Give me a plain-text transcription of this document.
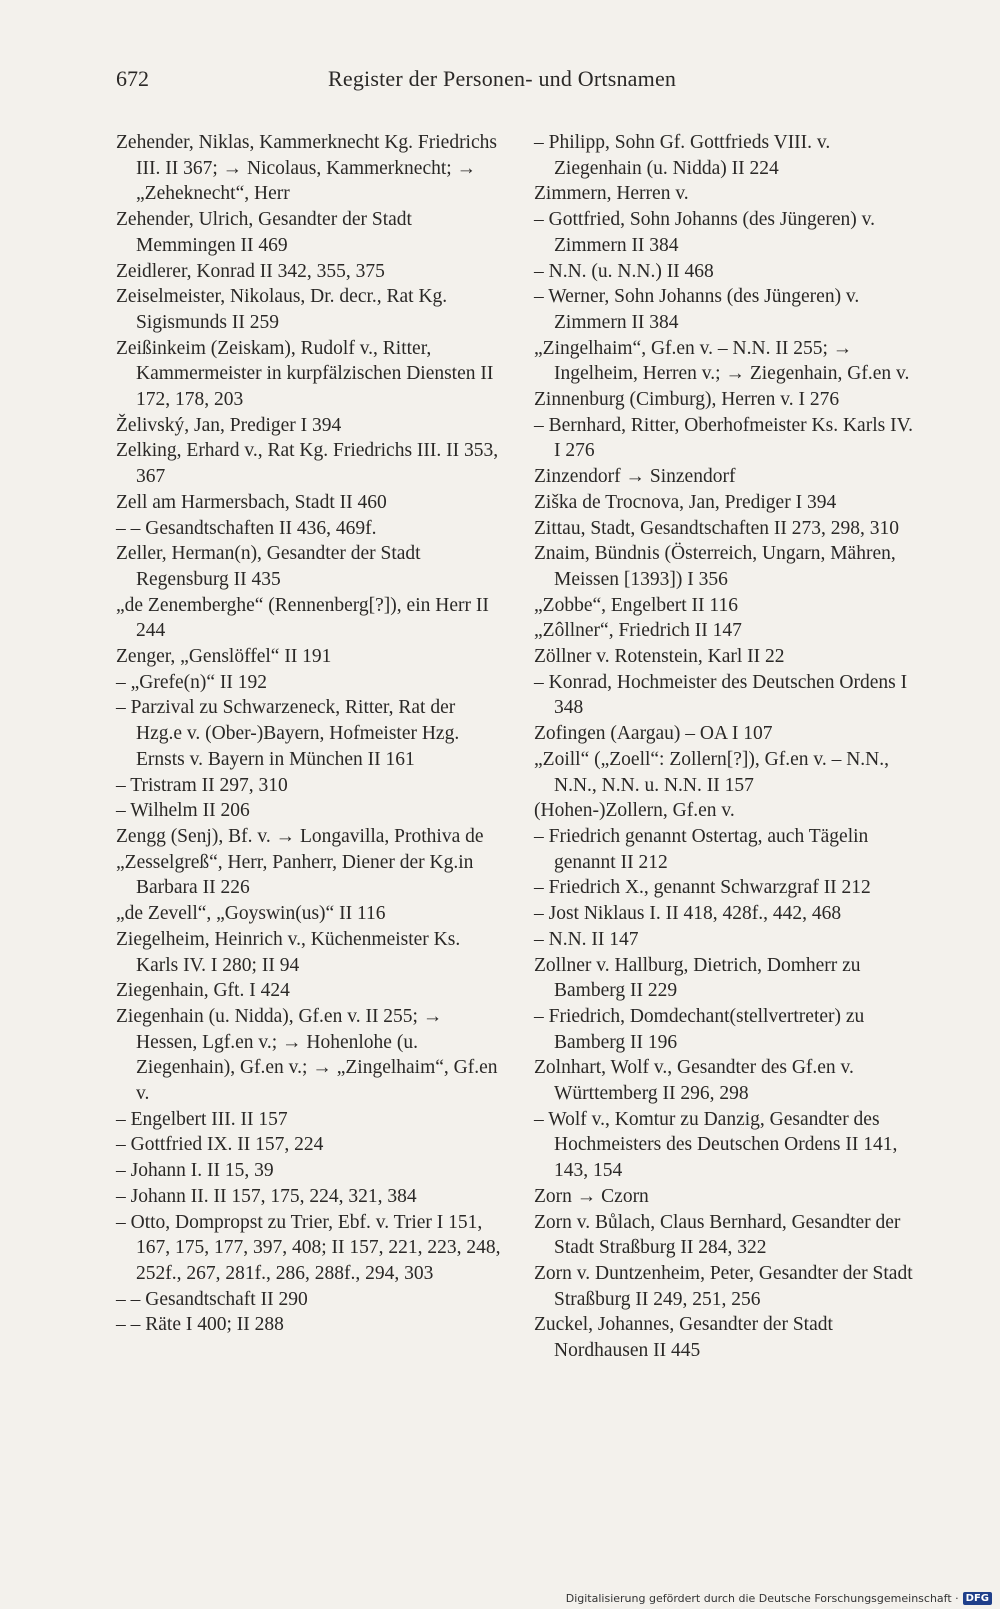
672	Register der Personen- und Ortsnamen
Zehender, Niklas, Kammerknecht Kg. Friedrichs III. II 367; → Nicolaus, Kammerknecht; → „Zeheknecht“, Herr
Zehender, Ulrich, Gesandter der Stadt Memmingen II 469
Zeidlerer, Konrad II 342, 355, 375
Zeiselmeister, Nikolaus, Dr. decr., Rat Kg. Sigismunds II 259
Zeißinkeim (Zeiskam), Rudolf v., Ritter, Kammermeister in kurpfälzischen Diensten II 172, 178, 203
Želivský, Jan, Prediger I 394
Zelking, Erhard v., Rat Kg. Friedrichs III. II 353, 367
Zell am Harmersbach, Stadt II 460
– – Gesandtschaften II 436, 469f.
Zeller, Herman(n), Gesandter der Stadt Regensburg II 435
„de Zenemberghe“ (Rennenberg[?]), ein Herr II 244
Zenger, „Genslöffel“ II 191
– „Grefe(n)“ II 192
– Parzival zu Schwarzeneck, Ritter, Rat der Hzg.e v. (Ober-)Bayern, Hofmeister Hzg. Ernsts v. Bayern in München II 161
– Tristram II 297, 310
– Wilhelm II 206
Zengg (Senj), Bf. v. → Longavilla, Prothiva de
„Zesselgreß“, Herr, Panherr, Diener der Kg.in Barbara II 226
„de Zevell“, „Goyswin(us)“ II 116
Ziegelheim, Heinrich v., Küchenmeister Ks. Karls IV. I 280; II 94
Ziegenhain, Gft. I 424
Ziegenhain (u. Nidda), Gf.en v. II 255; → Hessen, Lgf.en v.; → Hohenlohe (u. Ziegenhain), Gf.en v.; → „Zingelhaim“, Gf.en v.
– Engelbert III. II 157
– Gottfried IX. II 157, 224
– Johann I. II 15, 39
– Johann II. II 157, 175, 224, 321, 384
– Otto, Dompropst zu Trier, Ebf. v. Trier I 151, 167, 175, 177, 397, 408; II 157, 221, 223, 248, 252f., 267, 281f., 286, 288f., 294, 303
– – Gesandtschaft II 290
– – Räte I 400; II 288
– Philipp, Sohn Gf. Gottfrieds VIII. v. Ziegenhain (u. Nidda) II 224
Zimmern, Herren v.
– Gottfried, Sohn Johanns (des Jüngeren) v. Zimmern II 384
– N.N. (u. N.N.) II 468
– Werner, Sohn Johanns (des Jüngeren) v. Zimmern II 384
„Zingelhaim“, Gf.en v. – N.N. II 255; → Ingelheim, Herren v.; → Ziegenhain, Gf.en v.
Zinnenburg (Cimburg), Herren v. I 276
– Bernhard, Ritter, Oberhofmeister Ks. Karls IV. I 276
Zinzendorf → Sinzendorf
Ziška de Trocnova, Jan, Prediger I 394
Zittau, Stadt, Gesandtschaften II 273, 298, 310
Znaim, Bündnis (Österreich, Ungarn, Mähren, Meissen [1393]) I 356
„Zobbe“, Engelbert II 116
„Zôllner“, Friedrich II 147
Zöllner v. Rotenstein, Karl II 22
– Konrad, Hochmeister des Deutschen Ordens I 348
Zofingen (Aargau) – OA I 107
„Zoill“ („Zoell“: Zollern[?]), Gf.en v. – N.N., N.N., N.N. u. N.N. II 157
(Hohen-)Zollern, Gf.en v.
– Friedrich genannt Ostertag, auch Tägelin genannt II 212
– Friedrich X., genannt Schwarzgraf II 212
– Jost Niklaus I. II 418, 428f., 442, 468
– N.N. II 147
Zollner v. Hallburg, Dietrich, Domherr zu Bamberg II 229
– Friedrich, Domdechant(stellvertreter) zu Bamberg II 196
Zolnhart, Wolf v., Gesandter des Gf.en v. Württemberg II 296, 298
– Wolf v., Komtur zu Danzig, Gesandter des Hochmeisters des Deutschen Ordens II 141, 143, 154
Zorn → Czorn
Zorn v. Bůlach, Claus Bernhard, Gesandter der Stadt Straßburg II 284, 322
Zorn v. Duntzenheim, Peter, Gesandter der Stadt Straßburg II 249, 251, 256
Zuckel, Johannes, Gesandter der Stadt Nordhausen II 445
Digitalisierung gefördert durch die Deutsche Forschungsgemeinschaft · DFG
